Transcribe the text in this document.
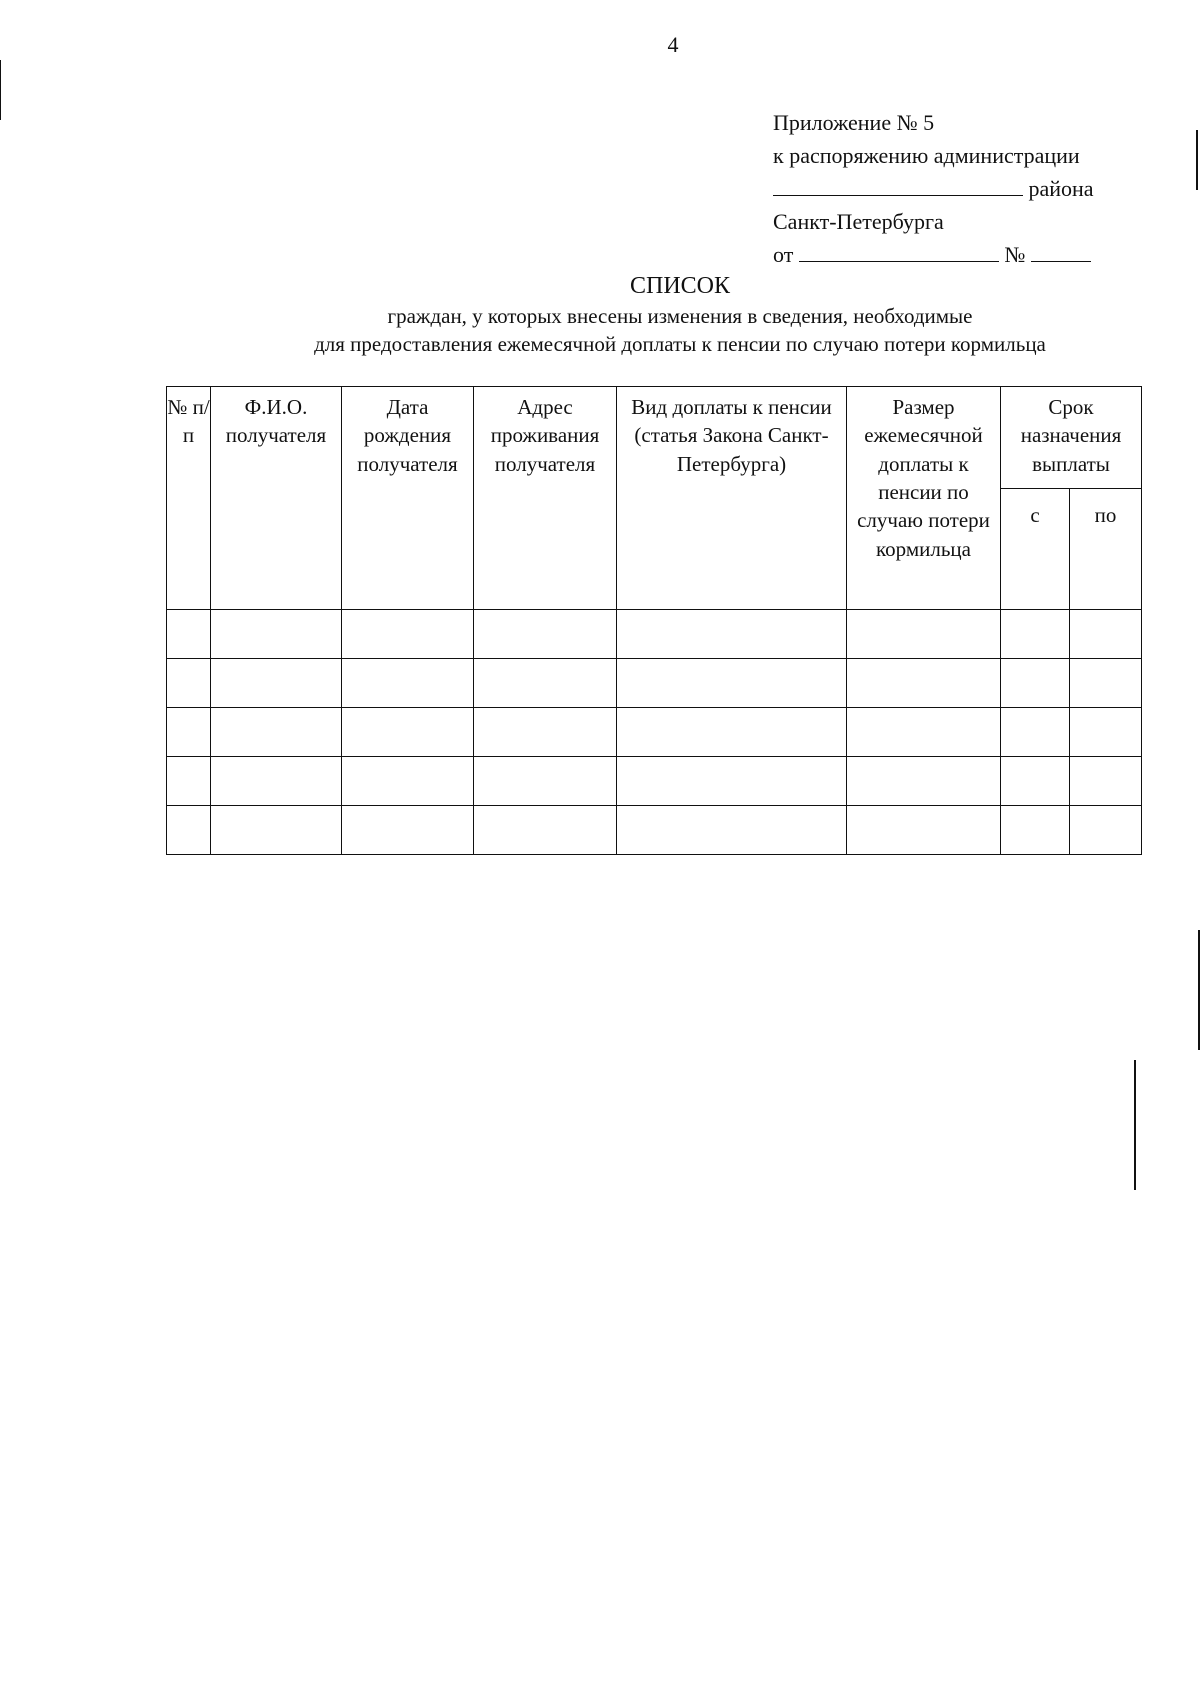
4
Приложение № 5
к распоряжению администрации
района
Санкт-Петербурга
от	№
СПИСОК
граждан, у которых внесены изменения в сведения, необходимые
для предоставления ежемесячной доплаты к пенсии по случаю потери кормильца
№ п/п	Ф.И.О. получателя	Дата рождения получателя	Адрес проживания получателя	Вид доплаты к пенсии (статья Закона Санкт-Петербурга)	Размер ежемесячной доплаты к пенсии по случаю потери кормильца	Срок назначения выплаты	
						с	по
